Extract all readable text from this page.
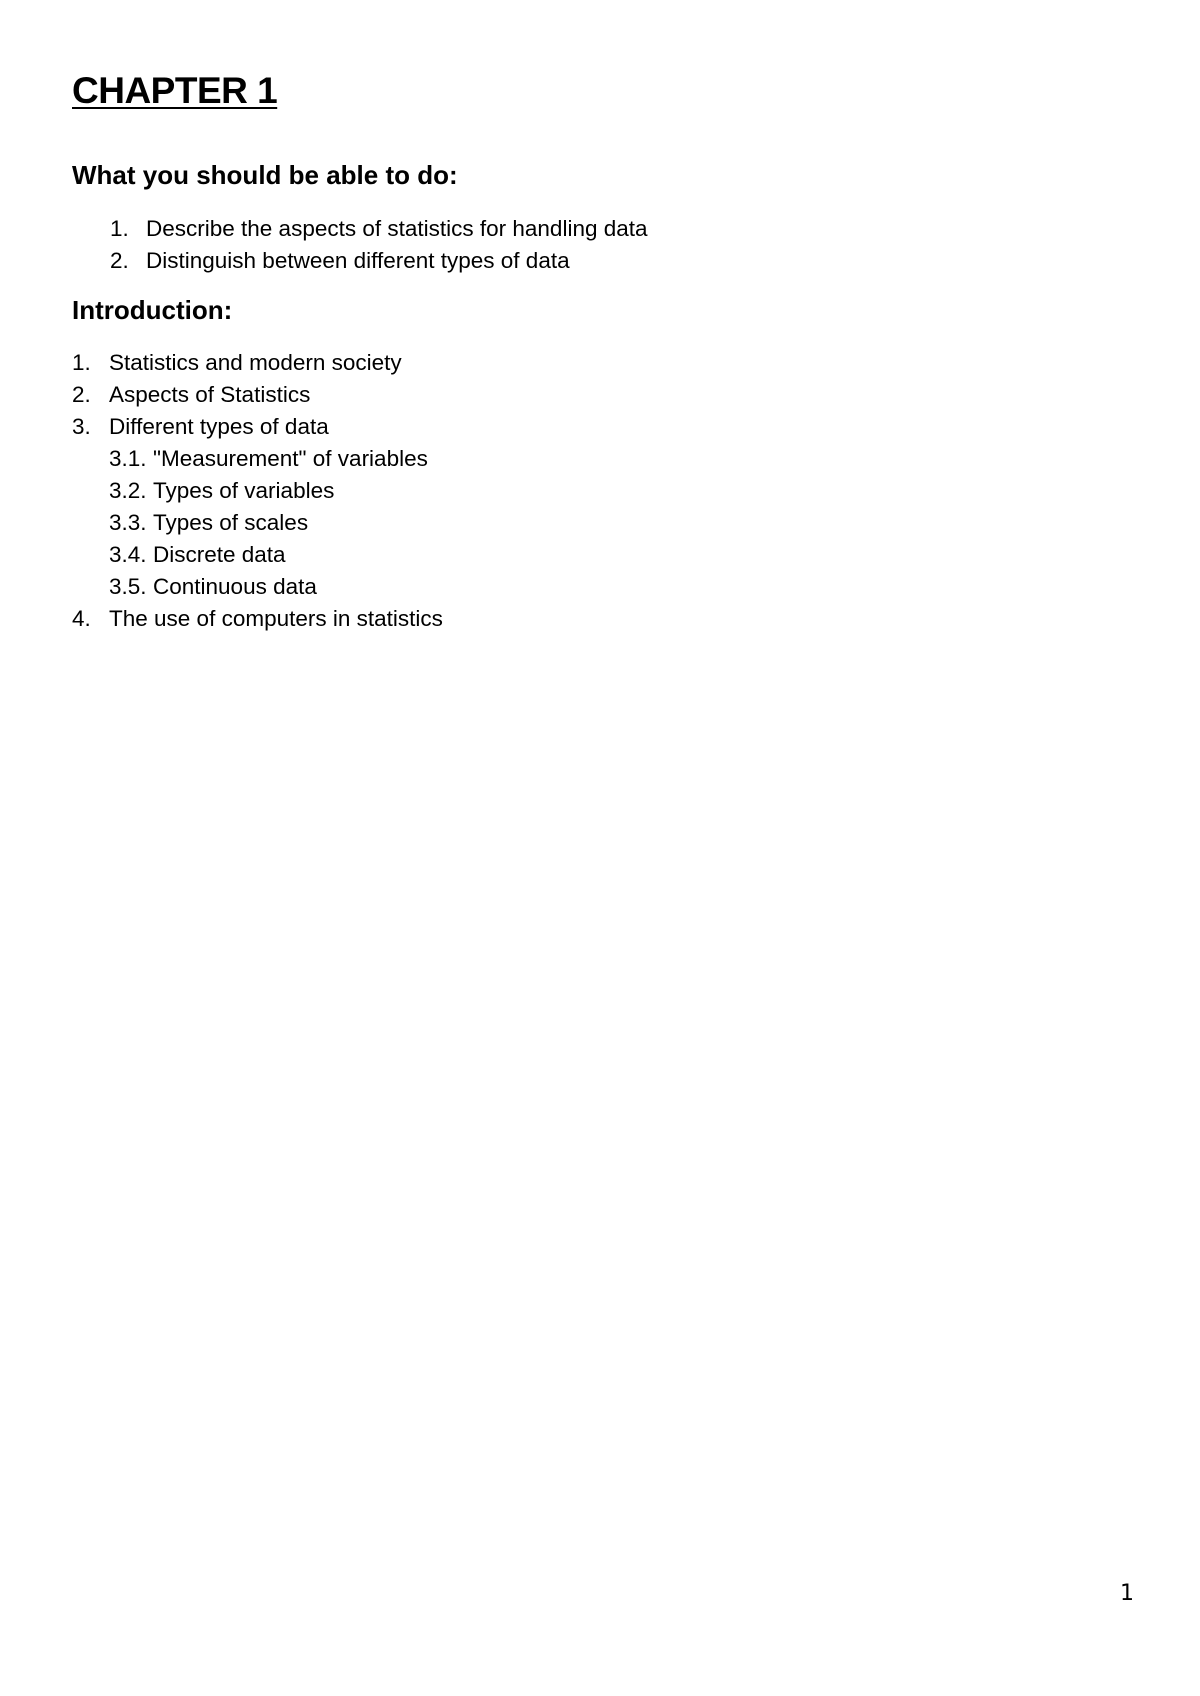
CHAPTER 1
What you should be able to do:
1. Describe the aspects of statistics for handling data
2. Distinguish between different types of data
Introduction:
1. Statistics and modern society
2. Aspects of Statistics
3. Different types of data
3.1. "Measurement" of variables
3.2. Types of variables
3.3. Types of scales
3.4. Discrete data
3.5. Continuous data
4. The use of computers in statistics
1
